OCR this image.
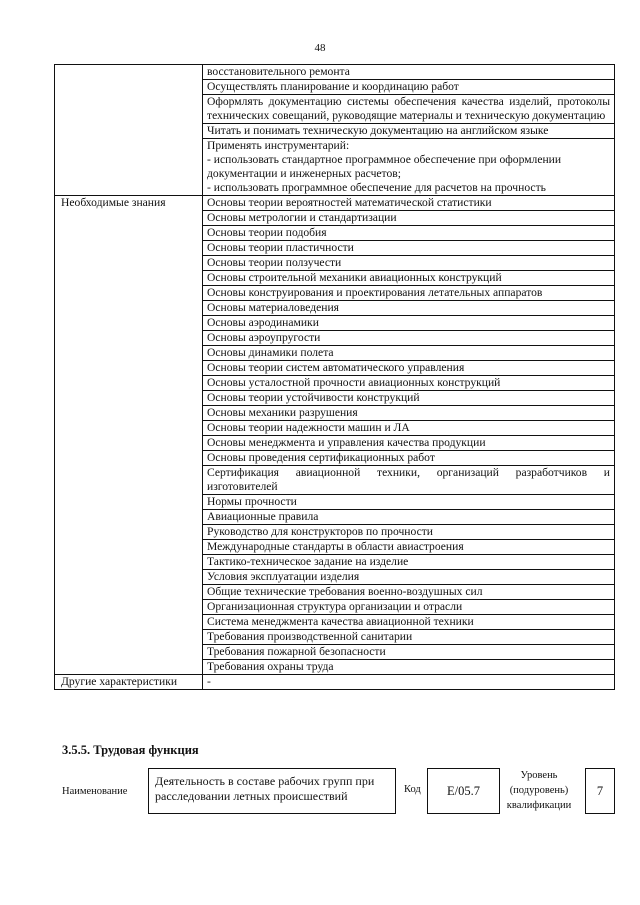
48

	восстановительного ремонта

	Осуществлять планирование и координацию работ

	Оформлять документацию системы обеспечения качества изделий, протоколы технических совещаний, руководящие материалы и техническую документацию

	Читать и понимать техническую документацию на английском языке

	Применять инструментарий:
- использовать стандартное программное обеспечение при оформлении документации и инженерных расчетов;
- использовать программное обеспечение для расчетов на прочность

Необходимые знания	Основы теории вероятностей математической статистики
	Основы метрологии и стандартизации
	Основы теории подобия
	Основы теории пластичности
	Основы теории ползучести
	Основы строительной механики авиационных конструкций
	Основы конструирования и проектирования летательных аппаратов
	Основы материаловедения
	Основы аэродинамики
	Основы аэроупругости
	Основы динамики полета
	Основы теории систем автоматического управления
	Основы усталостной прочности авиационных конструкций
	Основы теории устойчивости конструкций
	Основы механики разрушения
	Основы теории надежности машин и ЛА
	Основы менеджмента и управления качества продукции
	Основы проведения сертификационных работ
	Сертификация авиационной техники, организаций разработчиков и изготовителей
	Нормы прочности
	Авиационные правила
	Руководство для конструкторов по прочности
	Международные стандарты в области авиастроения
	Тактико-техническое задание на изделие
	Условия эксплуатации изделия
	Общие технические требования военно-воздушных сил
	Организационная структура организации и отрасли
	Система менеджмента качества авиационной техники
	Требования производственной санитарии
	Требования пожарной безопасности
	Требования охраны труда
Другие характеристики	-
3.5.5. Трудовая функция
Наименование
Деятельность в составе рабочих групп при расследовании летных происшествий	Код	E/05.7
Уровень
(подуровень)
квалификации
7
